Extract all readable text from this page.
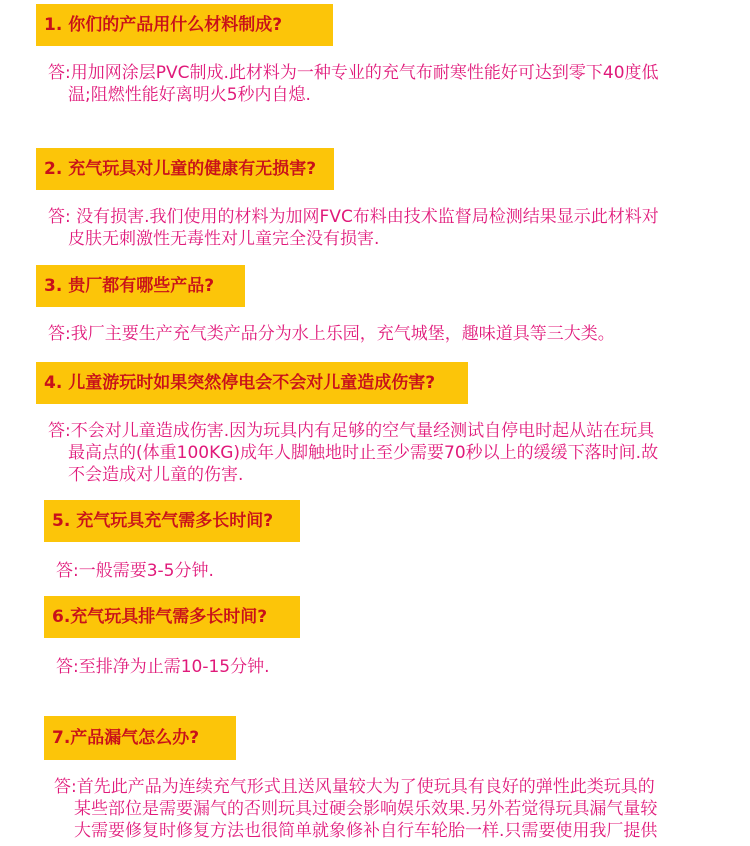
1. 你们的产品用什么材料制成?
答:用加网涂层PVC制成.此材料为一种专业的充气布耐寒性能好可达到零下40度低
温;阻燃性能好离明火5秒内自熄.
2. 充气玩具对儿童的健康有无损害?
答: 没有损害.我们使用的材料为加网FVC布料由技术监督局检测结果显示此材料对
皮肤无刺激性无毒性对儿童完全没有损害.
3. 贵厂都有哪些产品?
答:我厂主要生产充气类产品分为水上乐园，充气城堡，趣味道具等三大类。
4. 儿童游玩时如果突然停电会不会对儿童造成伤害?
答:不会对儿童造成伤害.因为玩具内有足够的空气量经测试自停电时起从站在玩具
最高点的(体重100KG)成年人脚触地时止至少需要70秒以上的缓缓下落时间.故
不会造成对儿童的伤害.
5. 充气玩具充气需多长时间?
答:一般需要3-5分钟.
6.充气玩具排气需多长时间?
答:至排净为止需10-15分钟.
7.产品漏气怎么办?
答:首先此产品为连续充气形式且送风量较大为了使玩具有良好的弹性此类玩具的
某些部位是需要漏气的否则玩具过硬会影响娱乐效果.另外若觉得玩具漏气量较
大需要修复时修复方法也很简单就象修补自行车轮胎一样.只需要使用我厂提供
